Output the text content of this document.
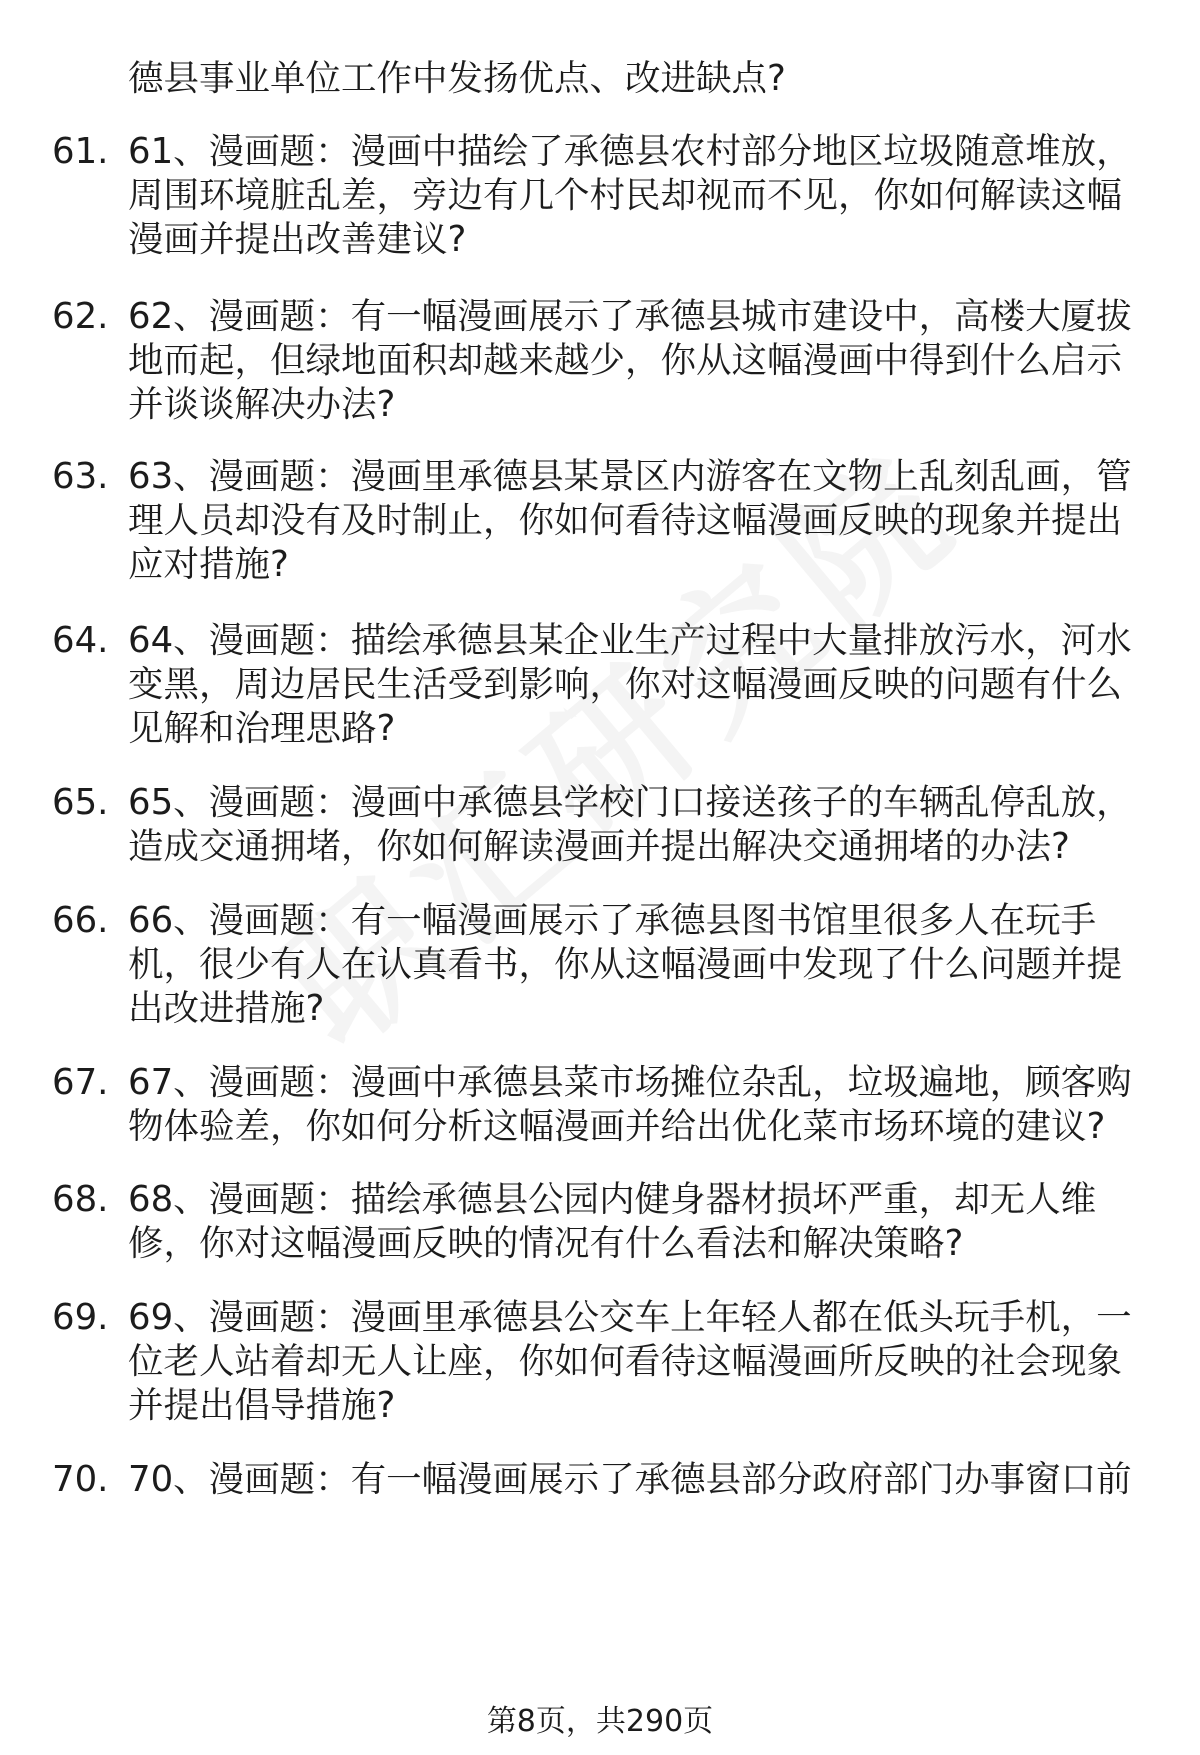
德县事业单位工作中发扬优点、改进缺点?
61. 61、漫画题：漫画中描绘了承德县农村部分地区垃圾随意堆放，
周围环境脏乱差，旁边有几个村民却视而不见，你如何解读这幅
漫画并提出改善建议?
62. 62、漫画题：有一幅漫画展示了承德县城市建设中，高楼大厦拔
地而起，但绿地面积却越来越少，你从这幅漫画中得到什么启示
并谈谈解决办法?
63. 63、漫画题：漫画里承德县某景区内游客在文物上乱刻乱画，管
理人员却没有及时制止，你如何看待这幅漫画反映的现象并提出
应对措施?
64. 64、漫画题：描绘承德县某企业生产过程中大量排放污水，河水
变黑，周边居民生活受到影响，你对这幅漫画反映的问题有什么
见解和治理思路?
65. 65、漫画题：漫画中承德县学校门口接送孩子的车辆乱停乱放，
造成交通拥堵，你如何解读漫画并提出解决交通拥堵的办法?
66. 66、漫画题：有一幅漫画展示了承德县图书馆里很多人在玩手
机，很少有人在认真看书，你从这幅漫画中发现了什么问题并提
出改进措施?
67. 67、漫画题：漫画中承德县菜市场摊位杂乱，垃圾遍地，顾客购
物体验差，你如何分析这幅漫画并给出优化菜市场环境的建议?
68. 68、漫画题：描绘承德县公园内健身器材损坏严重，却无人维
修，你对这幅漫画反映的情况有什么看法和解决策略?
69. 69、漫画题：漫画里承德县公交车上年轻人都在低头玩手机，一
位老人站着却无人让座，你如何看待这幅漫画所反映的社会现象
并提出倡导措施?
70. 70、漫画题：有一幅漫画展示了承德县部分政府部门办事窗口前
第8页，共290页
